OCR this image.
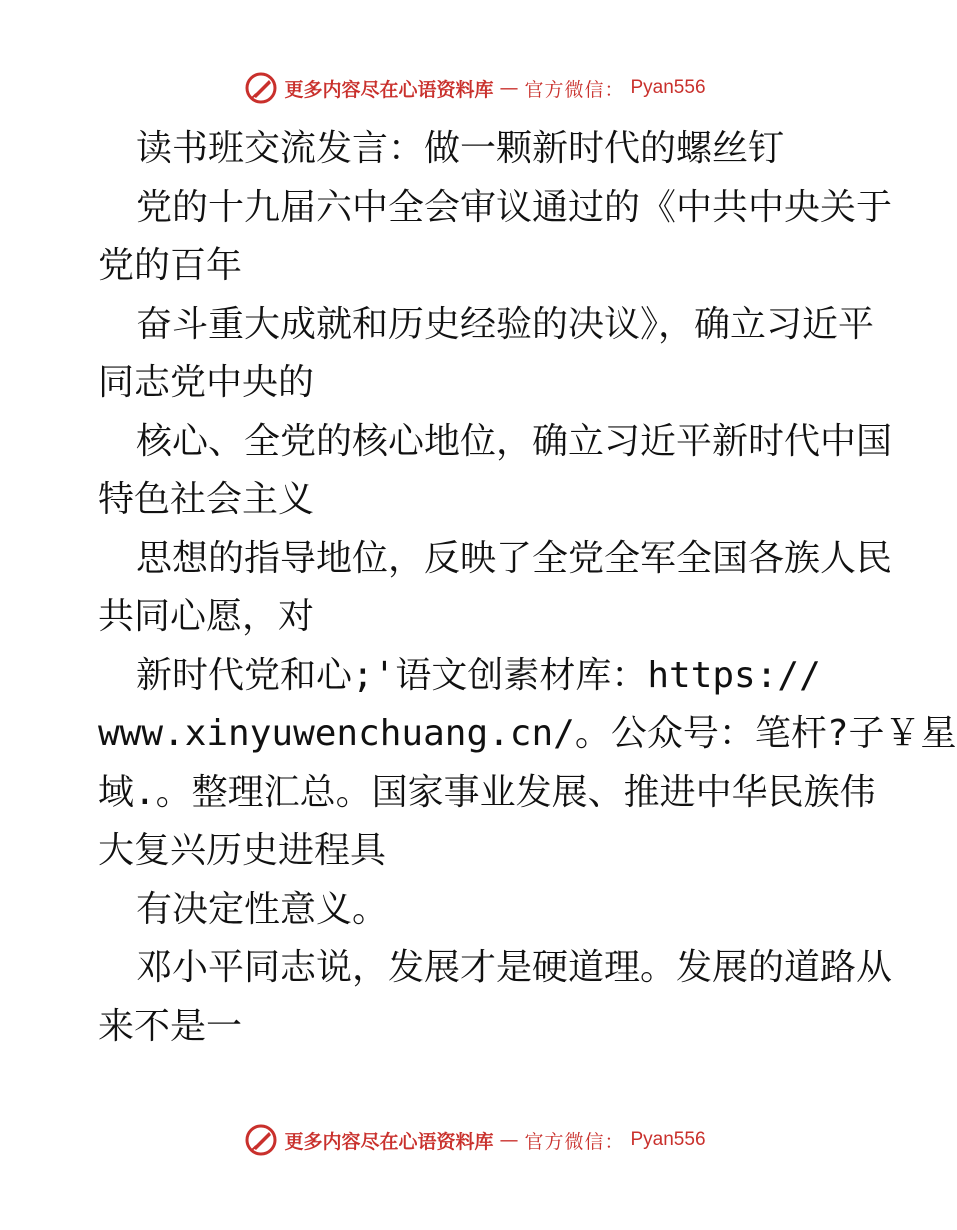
更多内容尽在心语资料库 — 官方微信： Pyan556
读书班交流发言：做一颗新时代的螺丝钉
党的十九届六中全会审议通过的《中共中央关于
党的百年
奋斗重大成就和历史经验的决议》，确立习近平
同志党中央的
核心、全党的核心地位，确立习近平新时代中国
特色社会主义
思想的指导地位，反映了全党全军全国各族人民
共同心愿，对
新时代党和心;'语文创素材库：https://
www.xinyuwenchuang.cn/。公众号：笔杆?子￥星
域.。整理汇总。国家事业发展、推进中华民族伟
大复兴历史进程具
有决定性意义。
邓小平同志说，发展才是硬道理。发展的道路从
来不是一
更多内容尽在心语资料库 — 官方微信： Pyan556
